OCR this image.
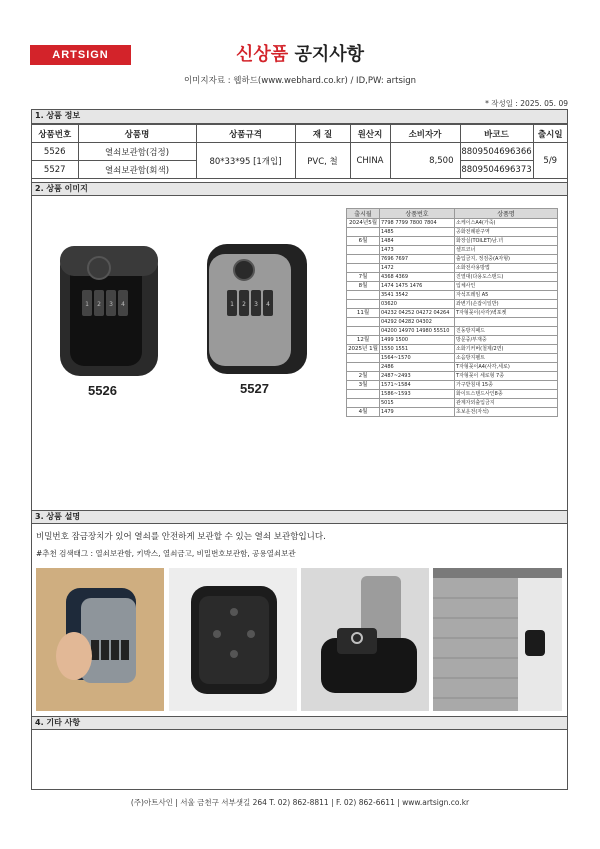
ARTSIGN	신상품 공지사항
이미지자료 : 웹하드(www.webhard.co.kr) / ID,PW: artsign
* 작성일 : 2025. 05. 09
1. 상품 정보
상품번호	상품명	상품규격	재 질	원산지	소비자가	바코드	출시일
5526	열쇠보관함(검정)	80*33*95 [1개입]	PVC, 철	CHINA	8,500	8809504696366	5/9
5527	열쇠보관함(회색)					8809504696373	
2. 상품 이미지
1 2 3 4	1 2 3 4
5526	5527
출시월	상품번호	상품명
2024년5월	7798 7799 7800 7804	소케이스A4(가죽)
	1485	공화전례판구역
6월	1484	화장실(TOILET)남.녀
	1473	셀프코너
	7696 7697	출입금지, 정검중(A자형)
	1472	소화전사용방법
7월	4368 4369	진열대(다용도스탠드)
8월	1474 1475 1476	입체사인
	3541 3542	자석프레임 A5
	03620	좌변기(손잡이일반)
11월	04232 04252 04272 04264	T자형꽂이(사각)벽포켓
	04292 04282 04302	
	04200 14970 14980 55510	진동방지패드
12월	1499 1500	방문중/부재중
2025년 1월	1550 1551	소화기커버(철제/2면)
	1564~1570	소음방지펠트
	2486	T자형꽂이A4(사각,세로)
2월	2487~2493	T자형꽂이 세로형 7종
3월	1571~1584	가구받침대 15종
	1586~1593	화이트스탠드사인8종
	5015	관계자외출입금지
4월	1479	초보운전(자석)
3. 상품 설명
비밀번호 잠금장치가 있어 열쇠를 안전하게 보관할 수 있는 열쇠 보관함입니다.
#추천 검색태그 : 열쇠보관함, 키박스, 열쇠금고, 비밀번호보관함, 공용열쇠보관
4. 기타 사항
(주)아트사인 | 서울 금천구 서부샛길 264 T. 02) 862-8811 | F. 02) 862-6611 | www.artsign.co.kr
